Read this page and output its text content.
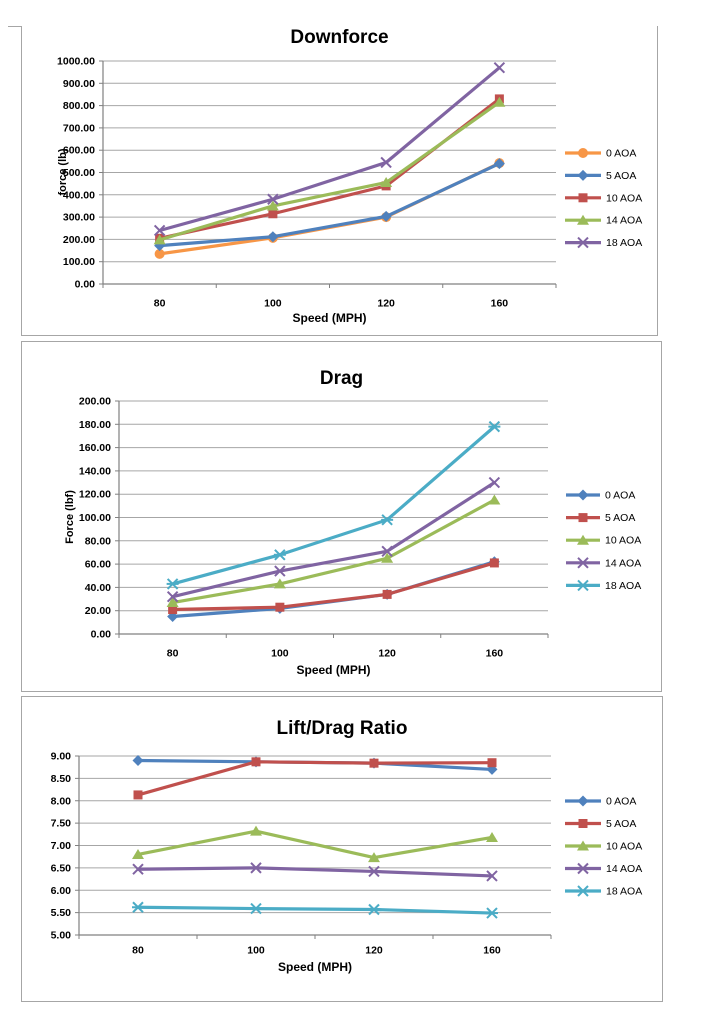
Downforce
force (lb)
1000.00
900.00
800.00
700.00
600.00
500.00
400.00
300.00
200.00
100.00
0.00
80	100	120	160
0 AOA
5 AOA
10 AOA
14 AOA
18 AOA
Speed (MPH)
Drag
Force (lbf)
200.00
180.00
160.00
140.00
120.00
100.00
80.00
60.00
40.00
20.00
0.00
80	100	120	160
0 AOA
5 AOA
10 AOA
14 AOA
18 AOA
Speed (MPH)
Lift/Drag Ratio
9.00
8.50
8.00
7.50
7.00
6.50
6.00
5.50
5.00
80	100	120	160
0 AOA
5 AOA
10 AOA
14 AOA
18 AOA
Speed (MPH)
